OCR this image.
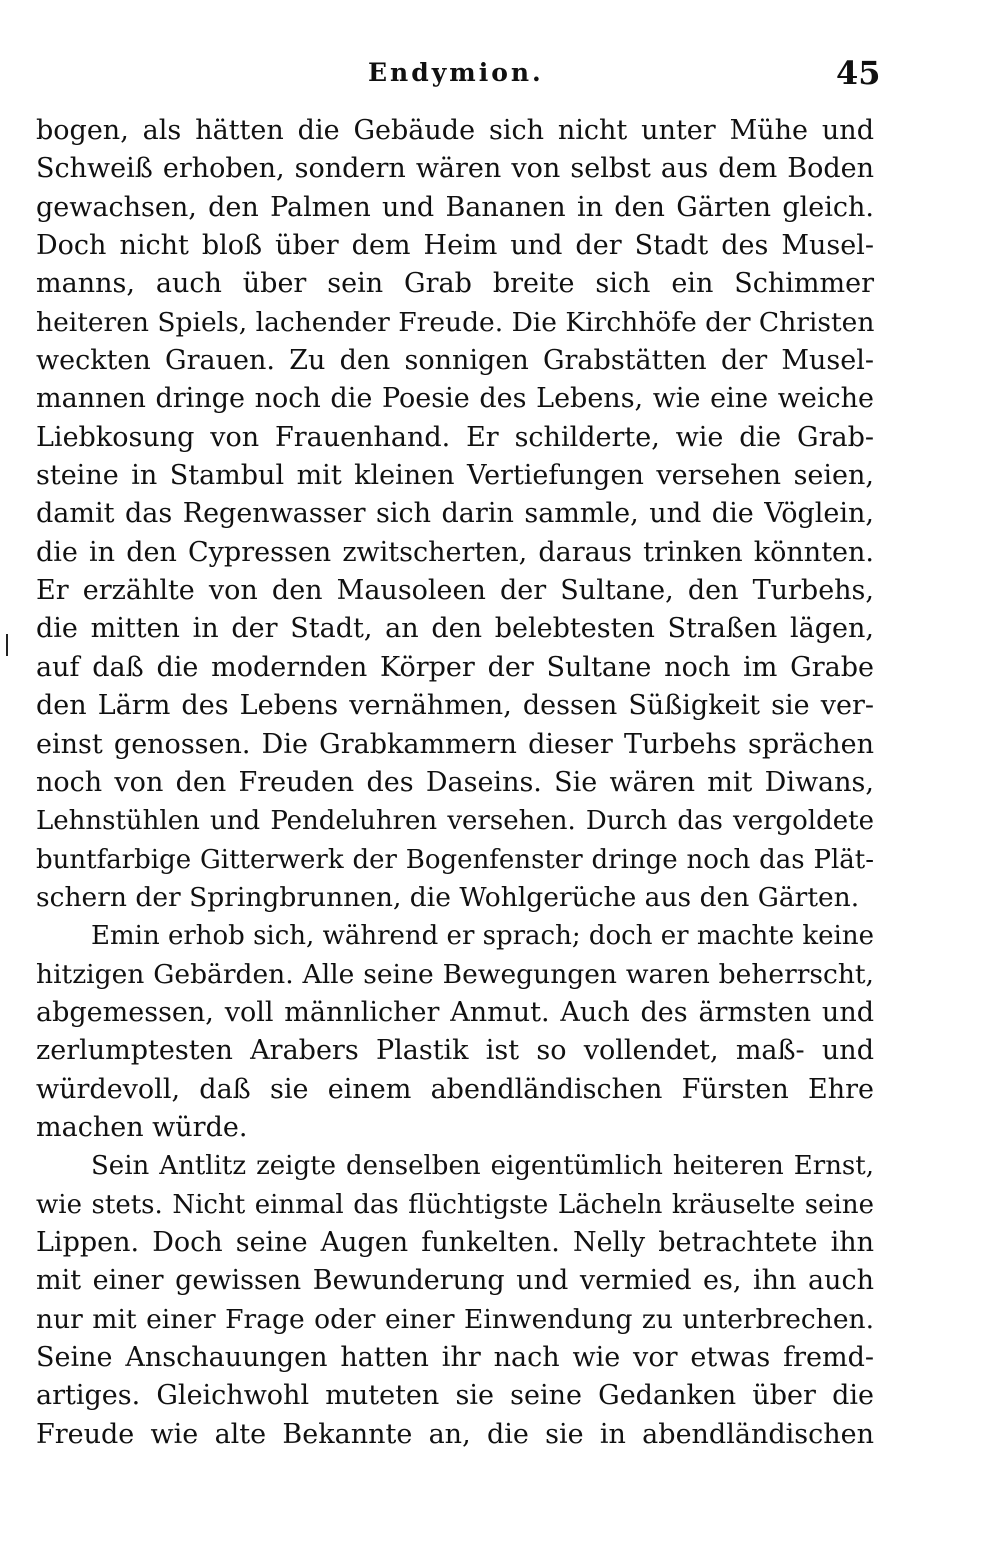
Endymion.	45
bogen, als hätten die Gebäude sich nicht unter Mühe und
Schweiß erhoben, sondern wären von selbst aus dem Boden
gewachsen, den Palmen und Bananen in den Gärten gleich.
Doch nicht bloß über dem Heim und der Stadt des Musel-
manns, auch über sein Grab breite sich ein Schimmer
heiteren Spiels, lachender Freude. Die Kirchhöfe der Christen
weckten Grauen. Zu den sonnigen Grabstätten der Musel-
mannen dringe noch die Poesie des Lebens, wie eine weiche
Liebkosung von Frauenhand. Er schilderte, wie die Grab-
steine in Stambul mit kleinen Vertiefungen versehen seien,
damit das Regenwasser sich darin sammle, und die Vöglein,
die in den Cypressen zwitscherten, daraus trinken könnten.
Er erzählte von den Mausoleen der Sultane, den Turbehs,
die mitten in der Stadt, an den belebtesten Straßen lägen,
auf daß die modernden Körper der Sultane noch im Grabe
den Lärm des Lebens vernähmen, dessen Süßigkeit sie ver-
einst genossen. Die Grabkammern dieser Turbehs sprächen
noch von den Freuden des Daseins. Sie wären mit Diwans,
Lehnstühlen und Pendeluhren versehen. Durch das vergoldete
buntfarbige Gitterwerk der Bogenfenster dringe noch das Plät-
schern der Springbrunnen, die Wohlgerüche aus den Gärten.
Emin erhob sich, während er sprach; doch er machte keine
hitzigen Gebärden. Alle seine Bewegungen waren beherrscht,
abgemessen, voll männlicher Anmut. Auch des ärmsten und
zerlumptesten Arabers Plastik ist so vollendet, maß- und
würdevoll, daß sie einem abendländischen Fürsten Ehre
machen würde.
Sein Antlitz zeigte denselben eigentümlich heiteren Ernst,
wie stets. Nicht einmal das flüchtigste Lächeln kräuselte seine
Lippen. Doch seine Augen funkelten. Nelly betrachtete ihn
mit einer gewissen Bewunderung und vermied es, ihn auch
nur mit einer Frage oder einer Einwendung zu unterbrechen.
Seine Anschauungen hatten ihr nach wie vor etwas fremd-
artiges. Gleichwohl muteten sie seine Gedanken über die
Freude wie alte Bekannte an, die sie in abendländischen
